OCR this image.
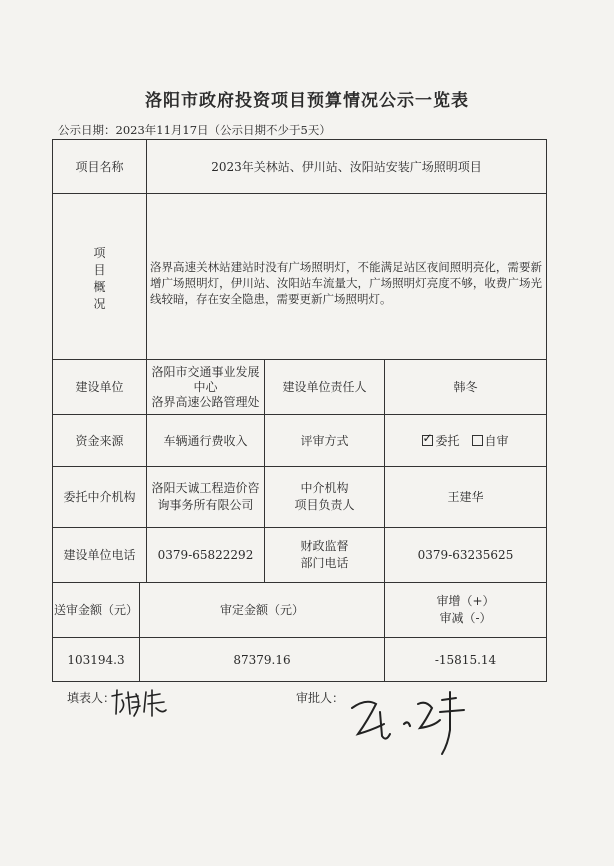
洛阳市政府投资项目预算情况公示一览表
公示日期：2023年11月17日（公示日期不少于5天）
项目名称	2023年关林站、伊川站、汝阳站安装广场照明项目
项
目
概
况
洛界高速关林站建站时没有广场照明灯，不能满足站区夜间照明亮化，需要新增广场照明灯，伊川站、汝阳站车流量大，广场照明灯亮度不够，收费广场光线较暗，存在安全隐患，需要更新广场照明灯。
建设单位
洛阳市交通事业发展
中心
洛界高速公路管理处
建设单位责任人	韩冬
资金来源	车辆通行费收入	评审方式
✓	委托	自审
委托中介机构
洛阳天诚工程造价咨
询事务所有限公司
中介机构
项目负责人
王建华
建设单位电话	0379-65822292
财政监督
部门电话
0379-63235625
送审金额（元）	审定金额（元）
审增（+）
审减（-）
103194.3	87379.16	-15815.14
填表人：	审批人：
